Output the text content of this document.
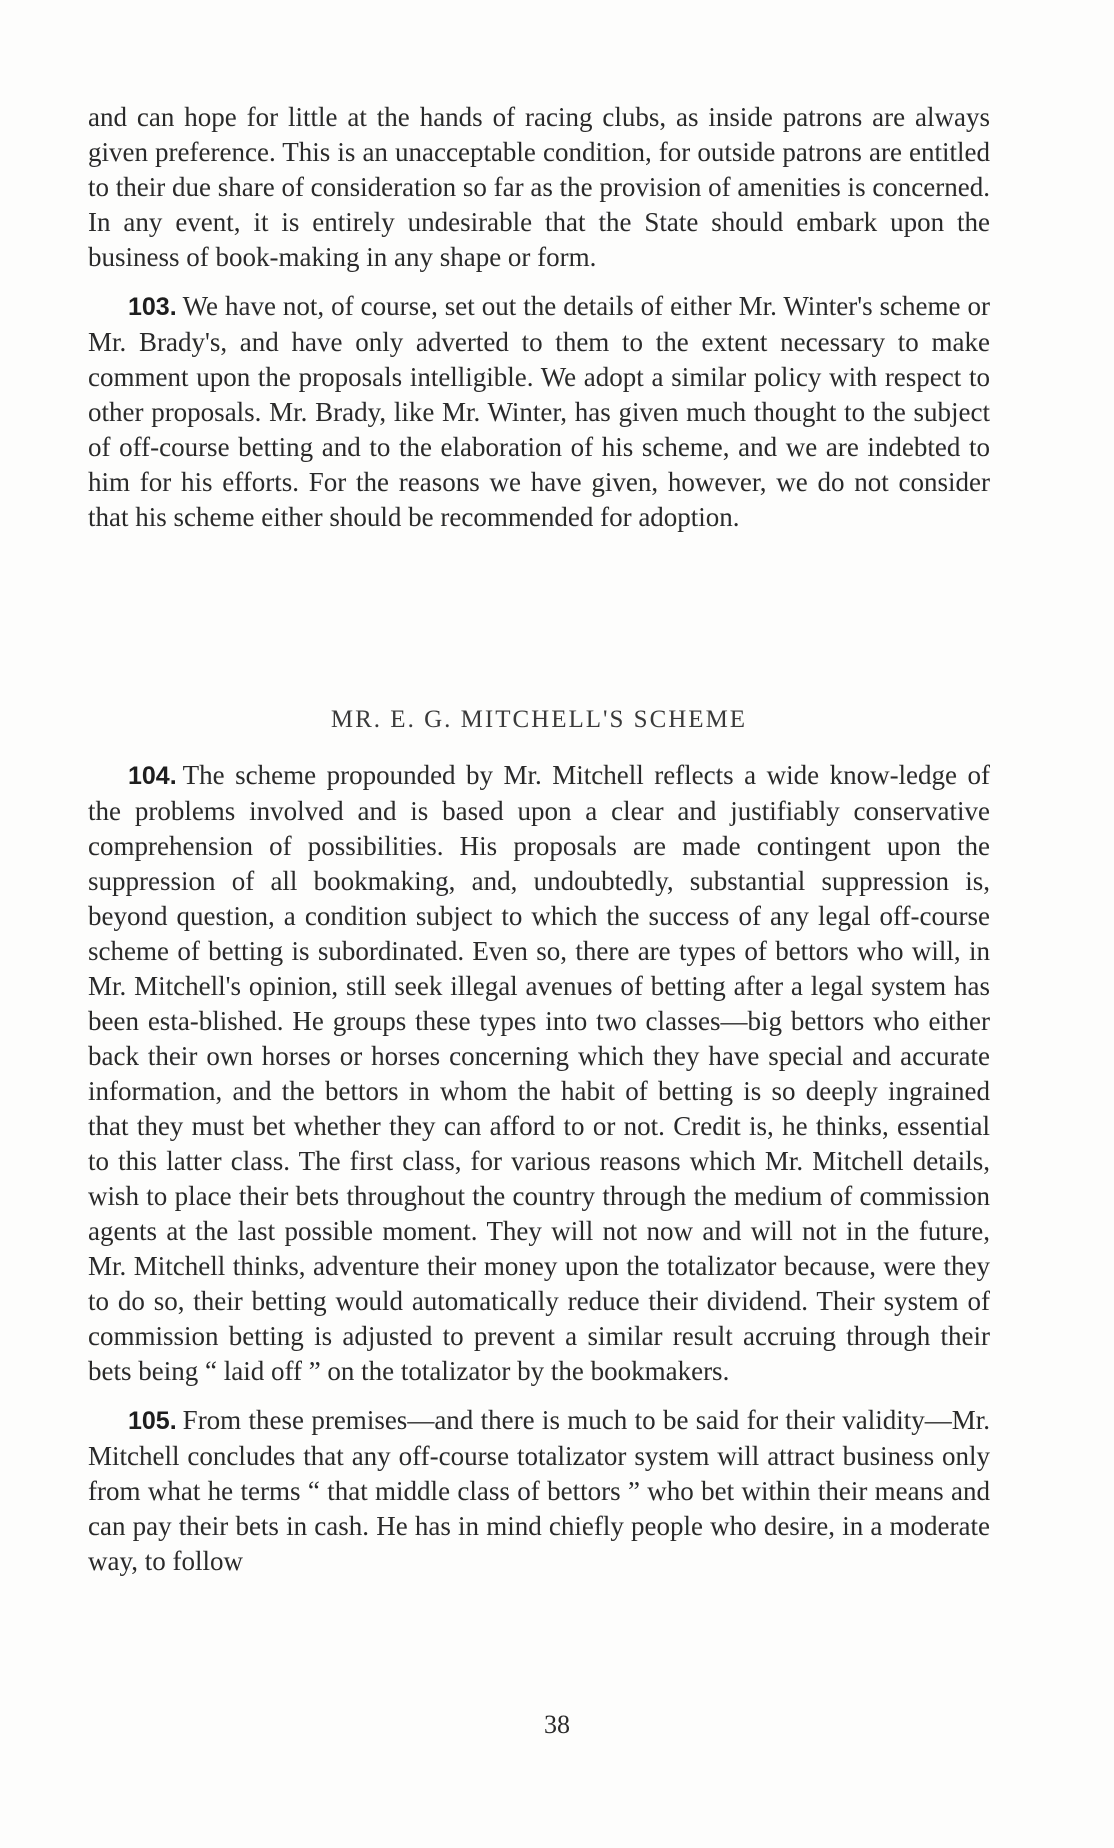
and can hope for little at the hands of racing clubs, as inside patrons are always given preference. This is an unacceptable condition, for outside patrons are entitled to their due share of consideration so far as the provision of amenities is concerned. In any event, it is entirely undesirable that the State should embark upon the business of book-making in any shape or form.

103. We have not, of course, set out the details of either Mr. Winter's scheme or Mr. Brady's, and have only adverted to them to the extent necessary to make comment upon the proposals intelligible. We adopt a similar policy with respect to other proposals. Mr. Brady, like Mr. Winter, has given much thought to the subject of off-course betting and to the elaboration of his scheme, and we are indebted to him for his efforts. For the reasons we have given, however, we do not consider that his scheme either should be recommended for adoption.

MR. E. G. MITCHELL'S SCHEME

104. The scheme propounded by Mr. Mitchell reflects a wide know-ledge of the problems involved and is based upon a clear and justifiably conservative comprehension of possibilities. His proposals are made contingent upon the suppression of all bookmaking, and, undoubtedly, substantial suppression is, beyond question, a condition subject to which the success of any legal off-course scheme of betting is subordinated. Even so, there are types of bettors who will, in Mr. Mitchell's opinion, still seek illegal avenues of betting after a legal system has been esta-blished. He groups these types into two classes—big bettors who either back their own horses or horses concerning which they have special and accurate information, and the bettors in whom the habit of betting is so deeply ingrained that they must bet whether they can afford to or not. Credit is, he thinks, essential to this latter class. The first class, for various reasons which Mr. Mitchell details, wish to place their bets throughout the country through the medium of commission agents at the last possible moment. They will not now and will not in the future, Mr. Mitchell thinks, adventure their money upon the totalizator because, were they to do so, their betting would automatically reduce their dividend. Their system of commission betting is adjusted to prevent a similar result accruing through their bets being “ laid off ” on the totalizator by the bookmakers.

105. From these premises—and there is much to be said for their validity—Mr. Mitchell concludes that any off-course totalizator system will attract business only from what he terms “ that middle class of bettors ” who bet within their means and can pay their bets in cash. He has in mind chiefly people who desire, in a moderate way, to follow

38
